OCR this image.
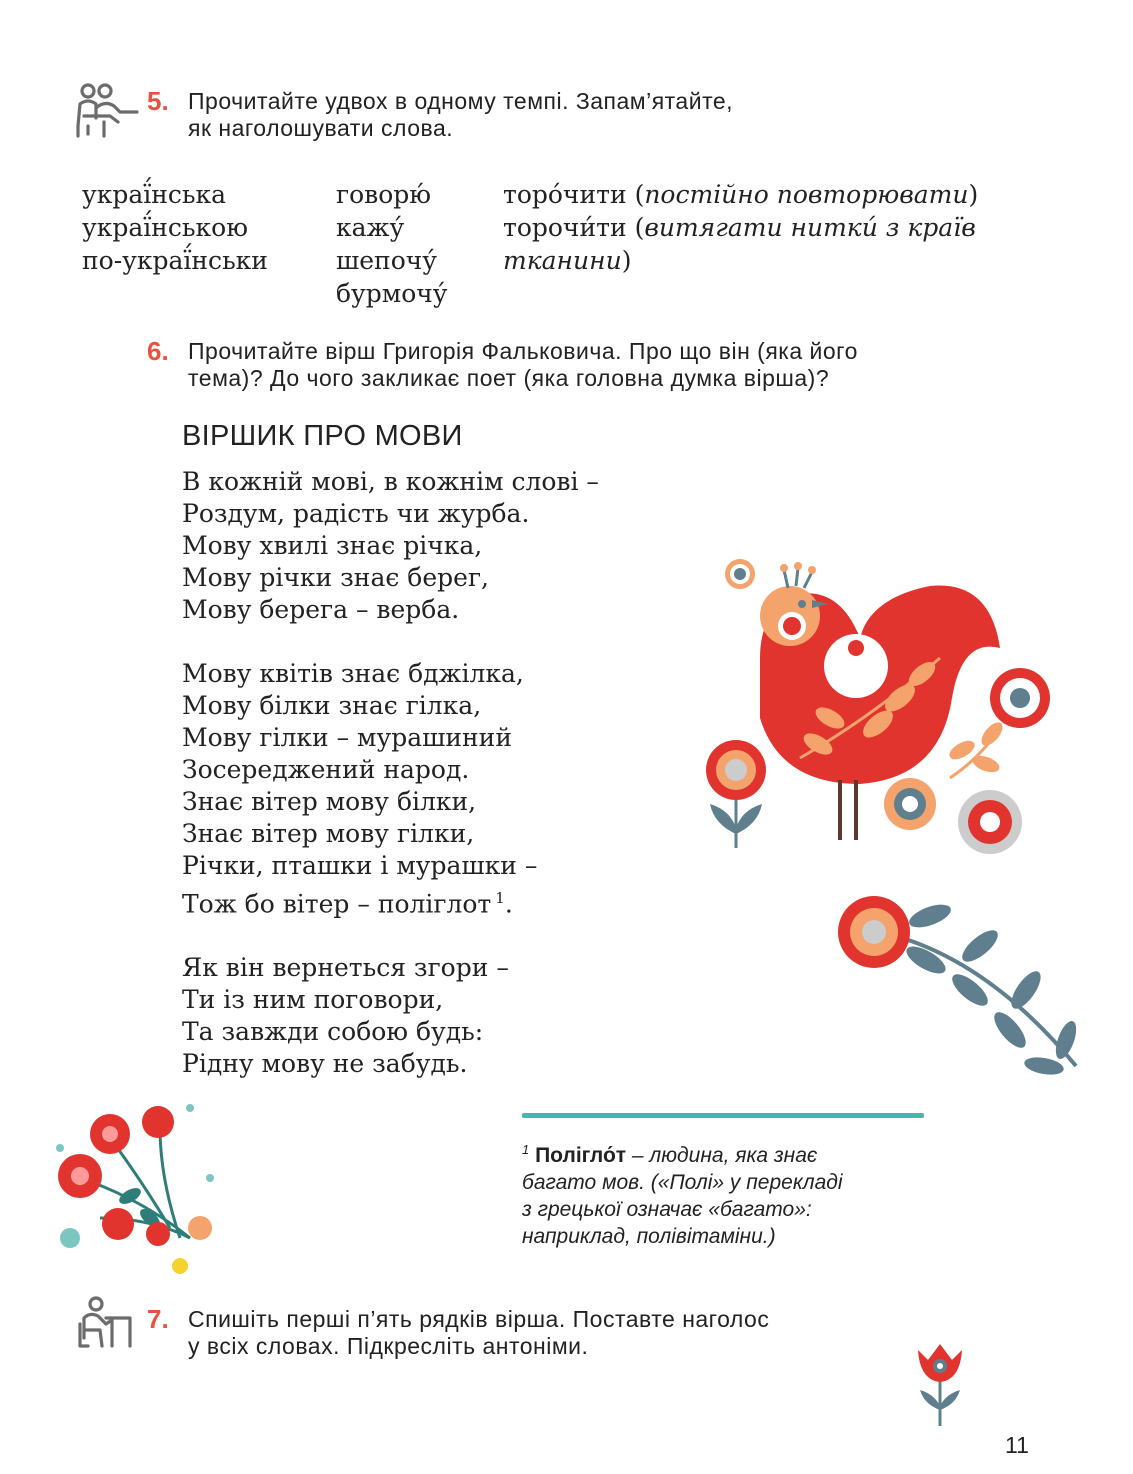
5. Прочитайте удвох в одному темпі. Запам’ятайте,
як наголошувати слова.
украї́нська
украї́нською
по-украї́нськи
говорю́
кажу́
шепочу́
бурмочу́
торо́чити (постійно повторювати)
торочи́ти (витягати нитки́ з країв
тканини)
6. Прочитайте вірш Григорія Фальковича. Про що він (яка його
тема)? До чого закликає поет (яка головна думка вірша)?
ВІРШИК ПРО МОВИ
В кожній мові, в кожнім слові –
Роздум, радість чи журба.
Мову хвилі знає річка,
Мову річки знає берег,
Мову берега – верба.
Мову квітів знає бджілка,
Мову білки знає гілка,
Мову гілки – мурашиний
Зосереджений народ.
Знає вітер мову білки,
Знає вітер мову гілки,
Річки, пташки і мурашки –
Тож бо вітер – поліглот $^1$.
Як він вернеться згори –
Ти із ним поговори,
Та завжди собою будь:
Рідну мову не забудь.
$^1$ Полігло́т – людина, яка знає
багато мов. («Полі» у перекладі
з грецької означає «багато»:
наприклад, полівітаміни.)
7. Спишіть перші п’ять рядків вірша. Поставте наголос
у всіх словах. Підкресліть антоніми.
11
